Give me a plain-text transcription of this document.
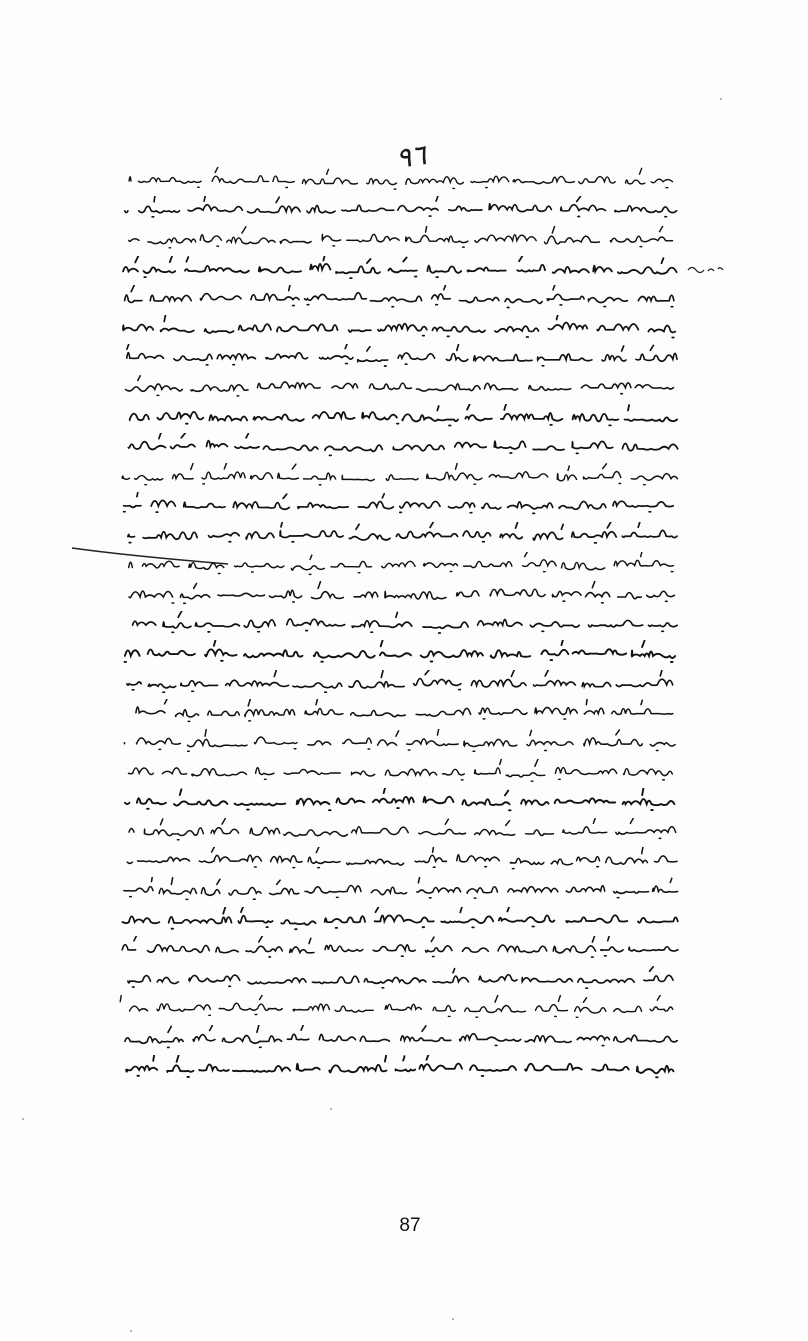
٩٦
87
